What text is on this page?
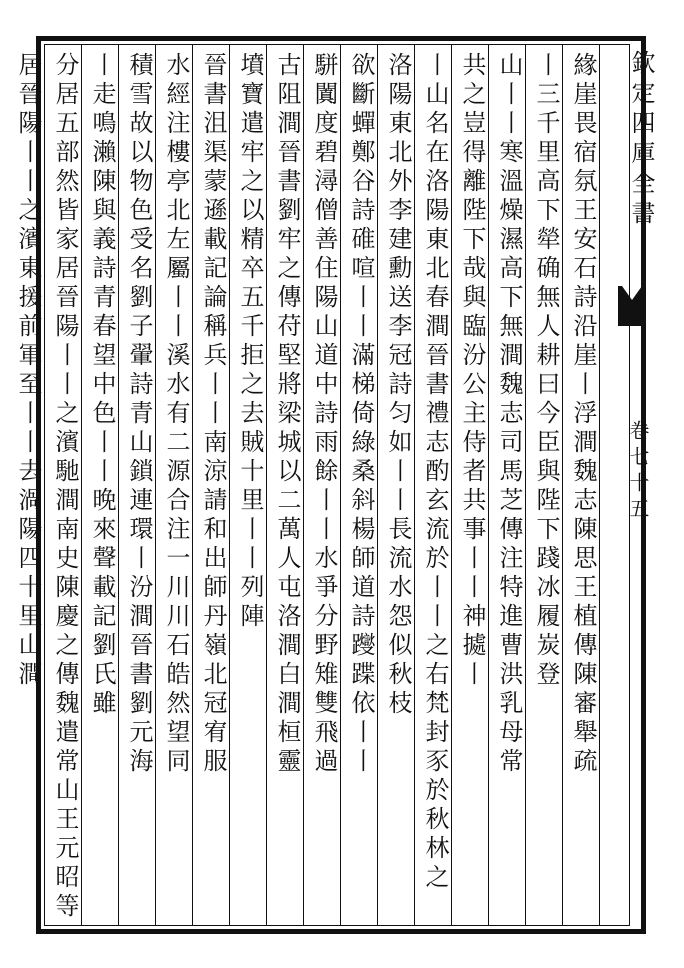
欽定四庫全書
卷七十五
緣崖畏宿氛王安石詩沿崖丨浮澗魏志陳思王植傳陳審舉疏
丨三千里高下犖确無人耕曰今臣與陛下踐冰履炭登
山丨丨寒溫燥濕高下無澗魏志司馬芝傳注特進曹洪乳母常
共之豈得離陛下哉與臨汾公主侍者共事丨丨神㨿丨
丨山名在洛陽東北春澗晉書禮志酌玄流於丨丨之右梵封豕於秋林之
洛陽東北外李建勳送李冠詩匀如丨丨長流水怨似秋枝
欲斷蟬鄭谷詩碓喧丨丨滿梯倚綠桑斜楊師道詩躞蹀依丨丨
駢闐度碧潯僧善住陽山道中詩雨餘丨丨水爭分野雉雙飛過
古阻澗晉書劉牢之傳苻堅將梁城以二萬人屯洛澗白澗桓靈
墳寶遣牢之以精卒五千拒之去賊十里丨丨列陣
晉書沮渠蒙遜載記論稱兵丨丨南涼請和出師丹嶺北冠宥服
水經注樓亭北左屬丨丨溪水有二源合注一川川石皓然望同
積雪故以物色受名劉子翬詩青山鎖連環丨汾澗晉書劉元海
丨走鳴瀨陳與義詩青春望中色丨丨晚來聲載記劉氏雖
分居五部然皆家居晉陽丨丨之濱馳澗南史陳慶之傳魏遣常山王元昭等
居晉陽丨丨之濱東援前軍至丨丨去渦陽四十里山澗
